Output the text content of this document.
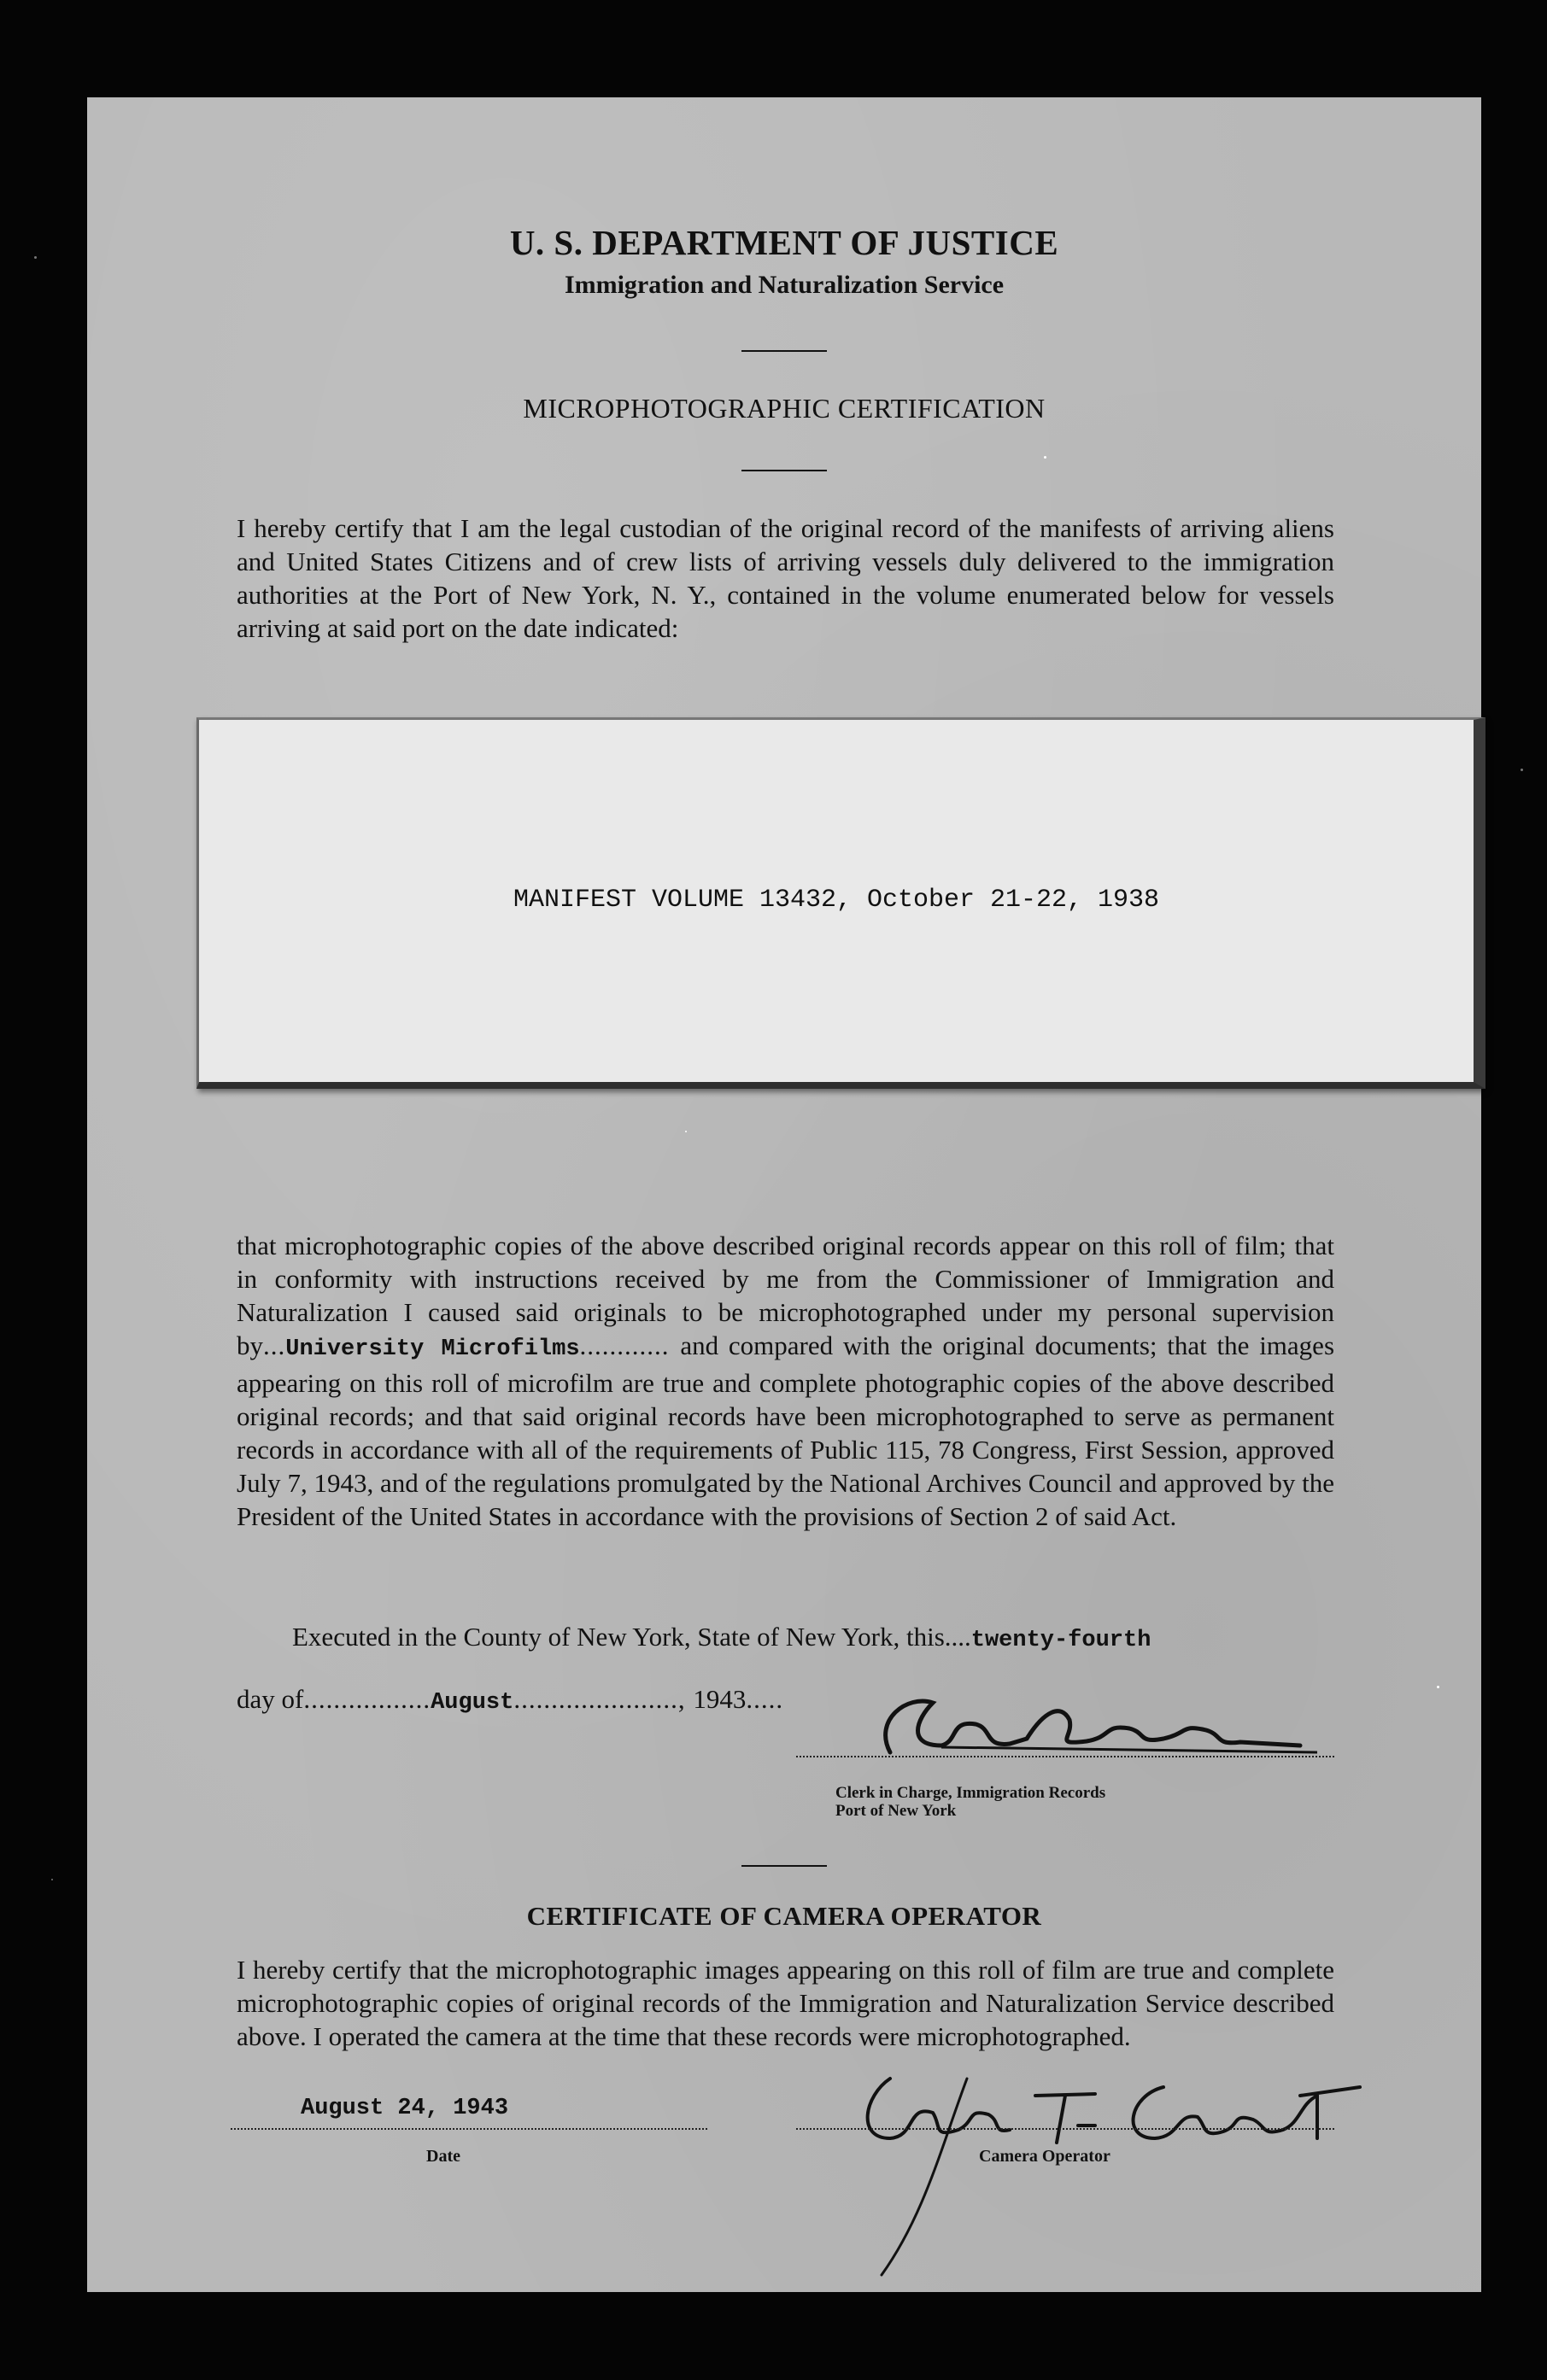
U. S. DEPARTMENT OF JUSTICE
Immigration and Naturalization Service
MICROPHOTOGRAPHIC CERTIFICATION
I hereby certify that I am the legal custodian of the original record of the manifests of arriving aliens and United States Citizens and of crew lists of arriving vessels duly delivered to the immigration authorities at the Port of New York, N. Y., contained in the volume enumerated below for vessels arriving at said port on the date indicated:
MANIFEST VOLUME 13432, October 21-22, 1938
that microphotographic copies of the above described original records appear on this roll of film; that in conformity with instructions received by me from the Commissioner of Immigration and Naturalization I caused said originals to be microphotographed under my personal supervision by...University Microfilms............ and compared with the original documents; that the images appearing on this roll of microfilm are true and complete photographic copies of the above described original records; and that said original records have been microphotographed to serve as permanent records in accordance with all of the requirements of Public 115, 78 Congress, First Session, approved July 7, 1943, and of the regulations promulgated by the National Archives Council and approved by the President of the United States in accordance with the provisions of Section 2 of said Act.
Executed in the County of New York, State of New York, this....twenty-fourth
day of.................August......................, 1943.....
Clerk in Charge, Immigration Records
Port of New York
CERTIFICATE OF CAMERA OPERATOR
I hereby certify that the microphotographic images appearing on this roll of film are true and complete microphotographic copies of original records of the Immigration and Naturalization Service described above. I operated the camera at the time that these records were microphotographed.
August 24, 1943
Date	Camera Operator
